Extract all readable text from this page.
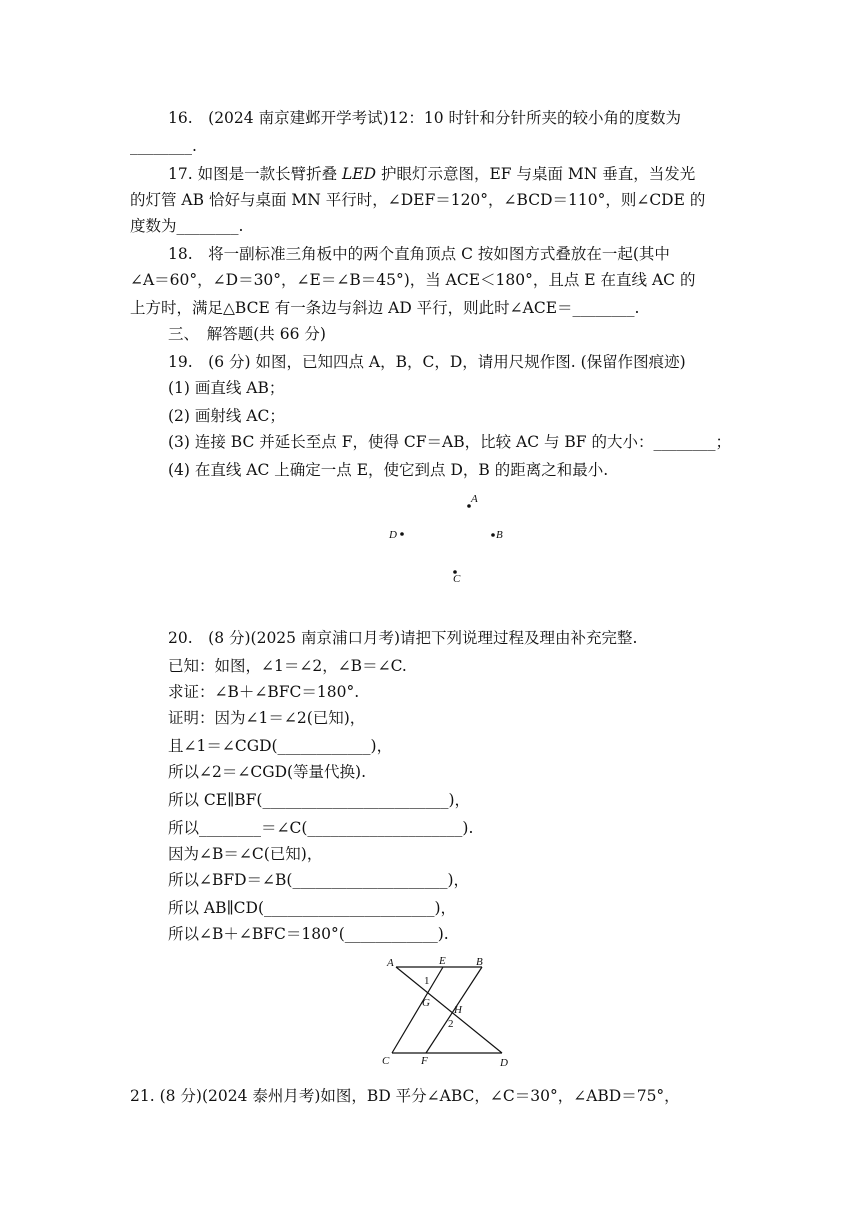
16.　(2024 南京建邺开学考试)12：10 时针和分针所夹的较小角的度数为
________.
17. 如图是一款长臂折叠 LED 护眼灯示意图，EF 与桌面 MN 垂直，当发光
的灯管 AB 恰好与桌面 MN 平行时，∠DEF＝120°，∠BCD＝110°，则∠CDE 的
度数为________.
18.　将一副标准三角板中的两个直角顶点 C 按如图方式叠放在一起(其中
∠A＝60°，∠D＝30°，∠E＝∠B＝45°)，当 ACE＜180°，且点 E 在直线 AC 的
上方时，满足△BCE 有一条边与斜边 AD 平行，则此时∠ACE＝________.
三、　解答题(共 66 分)
19.　(6 分) 如图，已知四点 A，B，C，D，请用尺规作图. (保留作图痕迹)
(1) 画直线 AB；
(2) 画射线 AC；
(3) 连接 BC 并延长至点 F，使得 CF＝AB，比较 AC 与 BF 的大小：________；
(4) 在直线 AC 上确定一点 E，使它到点 D，B 的距离之和最小.
A
D	B
C
20.　(8 分)(2025 南京浦口月考)请把下列说理过程及理由补充完整.
已知：如图，∠1＝∠2，∠B＝∠C.
求证：∠B＋∠BFC＝180°.
证明：因为∠1＝∠2(已知)，
且∠1＝∠CGD(____________)，
所以∠2＝∠CGD(等量代换).
所以 CE∥BF(________________________)，
所以________＝∠C(____________________).
因为∠B＝∠C(已知)，
所以∠BFD＝∠B(____________________)，
所以 AB∥CD(______________________)，
所以∠B＋∠BFC＝180°(____________).
A	E	B
1
G
H
2
C	F	D
21. (8 分)(2024 泰州月考)如图，BD 平分∠ABC，∠C＝30°，∠ABD＝75°，
